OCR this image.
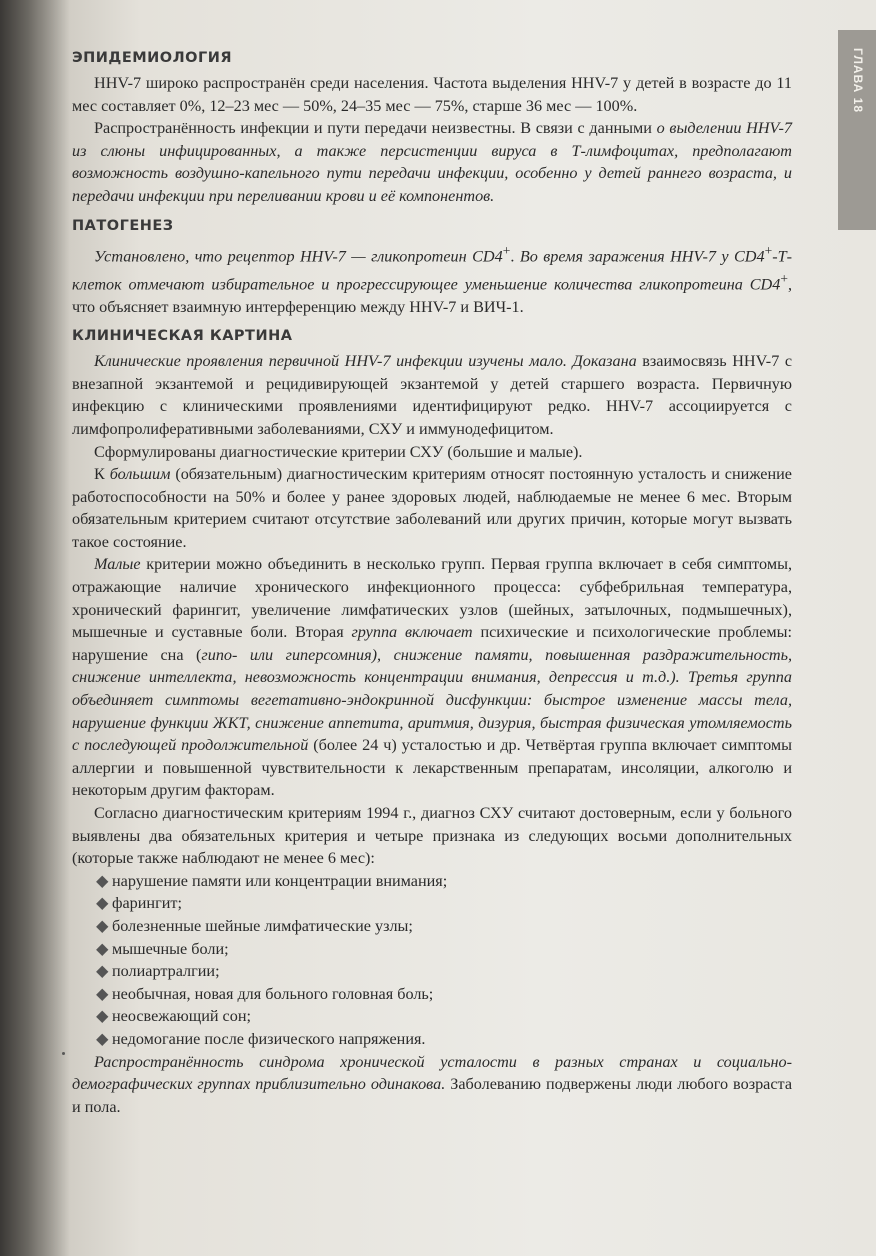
ГЛАВА 18
ЭПИДЕМИОЛОГИЯ

HHV-7 широко распространён среди населения. Частота выделения HHV-7 у детей в возрасте до 11 мес составляет 0%, 12–23 мес — 50%, 24–35 мес — 75%, старше 36 мес — 100%.

Распространённость инфекции и пути передачи неизвестны. В связи с данными о выделении HHV-7 из слюны инфицированных, а также персистенции вируса в Т-лимфоцитах, предполагают возможность воздушно-капельного пути передачи инфекции, особенно у детей раннего возраста, и передачи инфекции при переливании крови и её компонентов.

ПАТОГЕНЕЗ

Установлено, что рецептор HHV-7 — гликопротеин CD4+. Во время заражения HHV-7 у CD4+-Т-клеток отмечают избирательное и прогрессирующее уменьшение количества гликопротеина CD4+, что объясняет взаимную интерференцию между HHV-7 и ВИЧ-1.

КЛИНИЧЕСКАЯ КАРТИНА

Клинические проявления первичной HHV-7 инфекции изучены мало. Доказана взаимосвязь HHV-7 с внезапной экзантемой и рецидивирующей экзантемой у детей старшего возраста. Первичную инфекцию с клиническими проявлениями идентифицируют редко. HHV-7 ассоциируется с лимфопролиферативными заболеваниями, СХУ и иммунодефицитом.

Сформулированы диагностические критерии СХУ (большие и малые).

К большим (обязательным) диагностическим критериям относят постоянную усталость и снижение работоспособности на 50% и более у ранее здоровых людей, наблюдаемые не менее 6 мес. Вторым обязательным критерием считают отсутствие заболеваний или других причин, которые могут вызвать такое состояние.

Малые критерии можно объединить в несколько групп. Первая группа включает в себя симптомы, отражающие наличие хронического инфекционного процесса: субфебрильная температура, хронический фарингит, увеличение лимфатических узлов (шейных, затылочных, подмышечных), мышечные и суставные боли. Вторая группа включает психические и психологические проблемы: нарушение сна (гипо- или гиперсомния), снижение памяти, повышенная раздражительность, снижение интеллекта, невозможность концентрации внимания, депрессия и т.д.). Третья группа объединяет симптомы вегетативно-эндокринной дисфункции: быстрое изменение массы тела, нарушение функции ЖКТ, снижение аппетита, аритмия, дизурия, быстрая физическая утомляемость с последующей продолжительной (более 24 ч) усталостью и др. Четвёртая группа включает симптомы аллергии и повышенной чувствительности к лекарственным препаратам, инсоляции, алкоголю и некоторым другим факторам.

Согласно диагностическим критериям 1994 г., диагноз СХУ считают достоверным, если у больного выявлены два обязательных критерия и четыре признака из следующих восьми дополнительных (которые также наблюдают не менее 6 мес):

◆ нарушение памяти или концентрации внимания;
◆ фарингит;
◆ болезненные шейные лимфатические узлы;
◆ мышечные боли;
◆ полиартралгии;
◆ необычная, новая для больного головная боль;
◆ неосвежающий сон;
◆ недомогание после физического напряжения.

Распространённость синдрома хронической усталости в разных странах и социально-демографических группах приблизительно одинакова. Заболеванию подвержены люди любого возраста и пола.
